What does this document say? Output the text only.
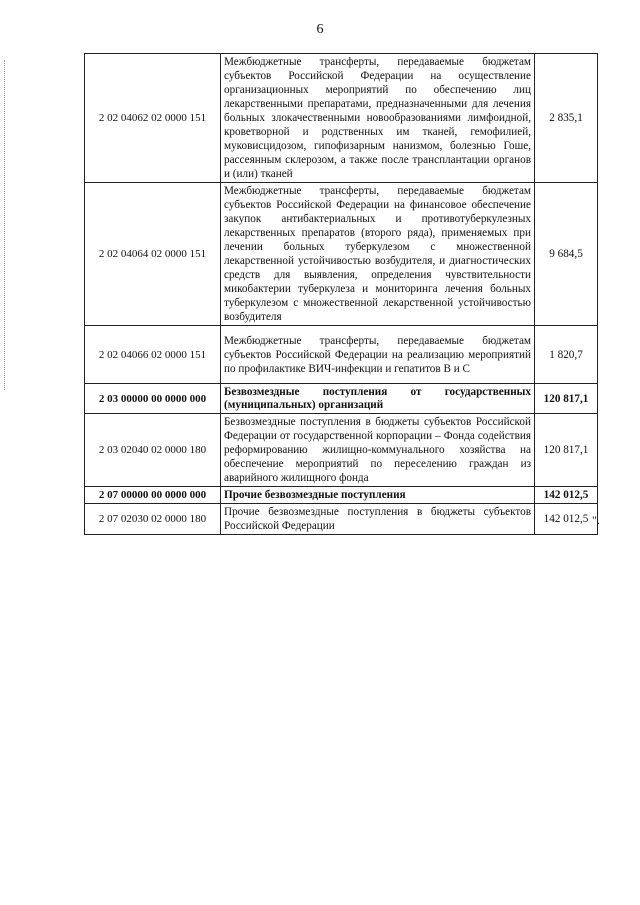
6
2 02 04062 02 0000 151	Межбюджетные трансферты, передаваемые бюджетам субъектов Российской Федерации на осуществление организационных мероприятий по обеспечению лиц лекарственными препаратами, предназначенными для лечения больных злокачественными новообразованиями лимфоидной, кроветворной и родственных им тканей, гемофилией, муковисцидозом, гипофизарным нанизмом, болезнью Гоше, рассеянным склерозом, а также после трансплантации органов и (или) тканей	2 835,1
2 02 04064 02 0000 151	Межбюджетные трансферты, передаваемые бюджетам субъектов Российской Федерации на финансовое обеспечение закупок антибактериальных и противотуберкулезных лекарственных препаратов (второго ряда), применяемых при лечении больных туберкулезом с множественной лекарственной устойчивостью возбудителя, и диагностических средств для выявления, определения чувствительности микобактерии туберкулеза и мониторинга лечения больных туберкулезом с множественной лекарственной устойчивостью возбудителя	9 684,5
2 02 04066 02 0000 151	Межбюджетные трансферты, передаваемые бюджетам субъектов Российской Федерации на реализацию мероприятий по профилактике ВИЧ-инфекции и гепатитов В и С	1 820,7
2 03 00000 00 0000 000	Безвозмездные поступления от государственных (муниципальных) организаций	120 817,1
2 03 02040 02 0000 180	Безвозмездные поступления в бюджеты субъектов Российской Федерации от государственной корпорации – Фонда содействия реформированию жилищно-коммунального хозяйства на обеспечение мероприятий по переселению граждан из аварийного жилищного фонда	120 817,1
2 07 00000 00 0000 000	Прочие безвозмездные поступления	142 012,5
2 07 02030 02 0000 180	Прочие безвозмездные поступления в бюджеты субъектов Российской Федерации	142 012,5 ".
